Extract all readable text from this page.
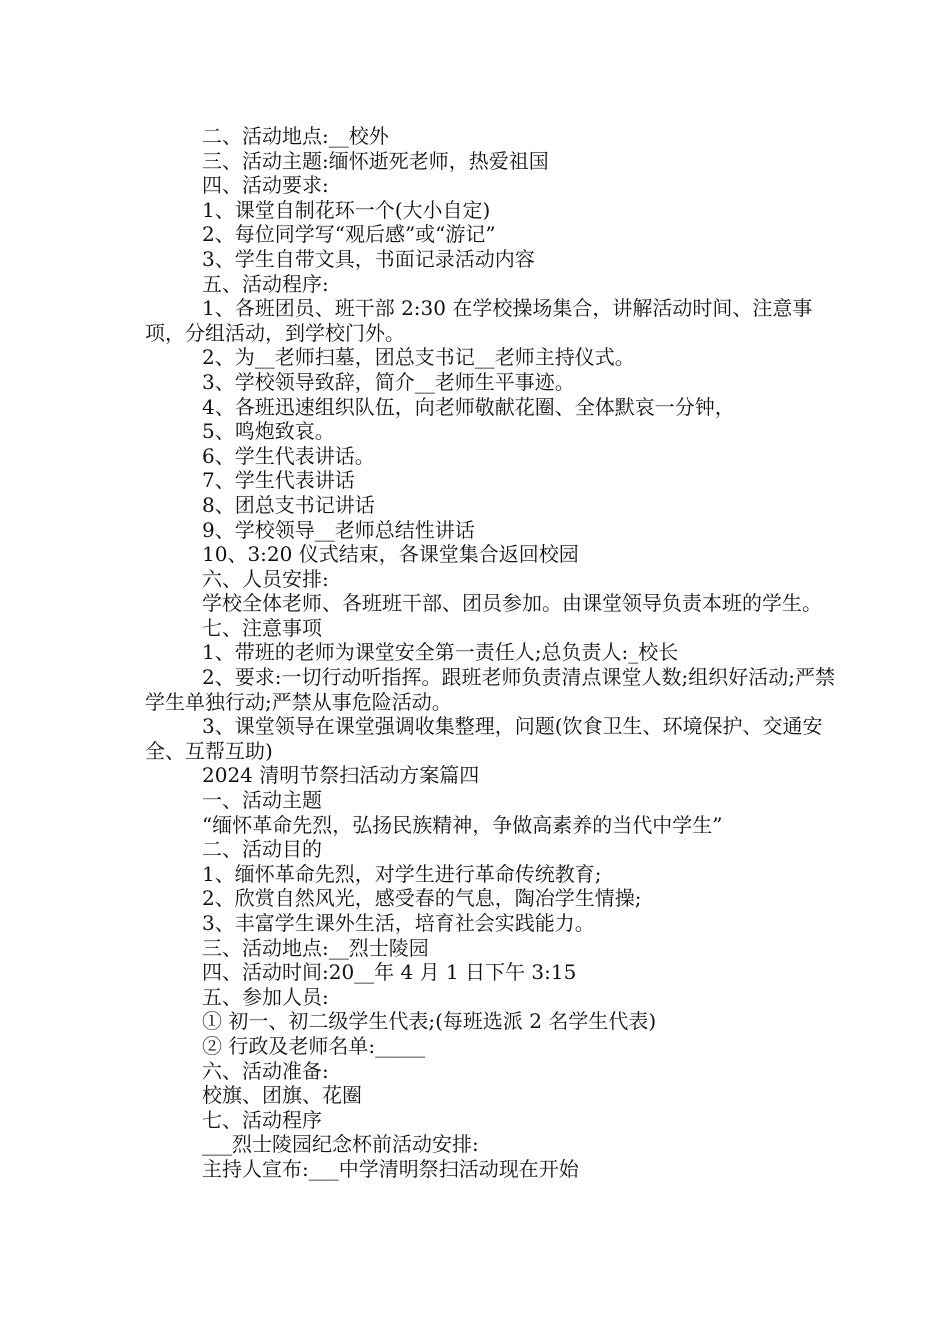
二、活动地点:__校外

三、活动主题:缅怀逝死老师，热爱祖国

四、活动要求:

1、课堂自制花环一个(大小自定)

2、每位同学写“观后感”或“游记”

3、学生自带文具，书面记录活动内容

五、活动程序:

1、各班团员、班干部 2:30 在学校操场集合，讲解活动时间、注意事项，分组活动，到学校门外。

2、为__老师扫墓，团总支书记__老师主持仪式。

3、学校领导致辞，简介__老师生平事迹。

4、各班迅速组织队伍，向老师敬献花圈、全体默哀一分钟，

5、鸣炮致哀。

6、学生代表讲话。

7、学生代表讲话

8、团总支书记讲话

9、学校领导__老师总结性讲话

10、3:20 仪式结束，各课堂集合返回校园

六、人员安排:

学校全体老师、各班班干部、团员参加。由课堂领导负责本班的学生。

七、注意事项

1、带班的老师为课堂安全第一责任人;总负责人:_校长

2、要求:一切行动听指挥。跟班老师负责清点课堂人数;组织好活动;严禁学生单独行动;严禁从事危险活动。

3、课堂领导在课堂强调收集整理，问题(饮食卫生、环境保护、交通安全、互帮互助)

2024 清明节祭扫活动方案篇四

一、活动主题

“缅怀革命先烈，弘扬民族精神，争做高素养的当代中学生”

二、活动目的

1、缅怀革命先烈，对学生进行革命传统教育;

2、欣赏自然风光，感受春的气息，陶冶学生情操;

3、丰富学生课外生活，培育社会实践能力。

三、活动地点:__烈士陵园

四、活动时间:20__年 4 月 1 日下午 3:15

五、参加人员:

① 初一、初二级学生代表;(每班选派 2 名学生代表)

② 行政及老师名单:_____

六、活动准备:

校旗、团旗、花圈

七、活动程序

___烈士陵园纪念杯前活动安排:

主持人宣布:___中学清明祭扫活动现在开始
